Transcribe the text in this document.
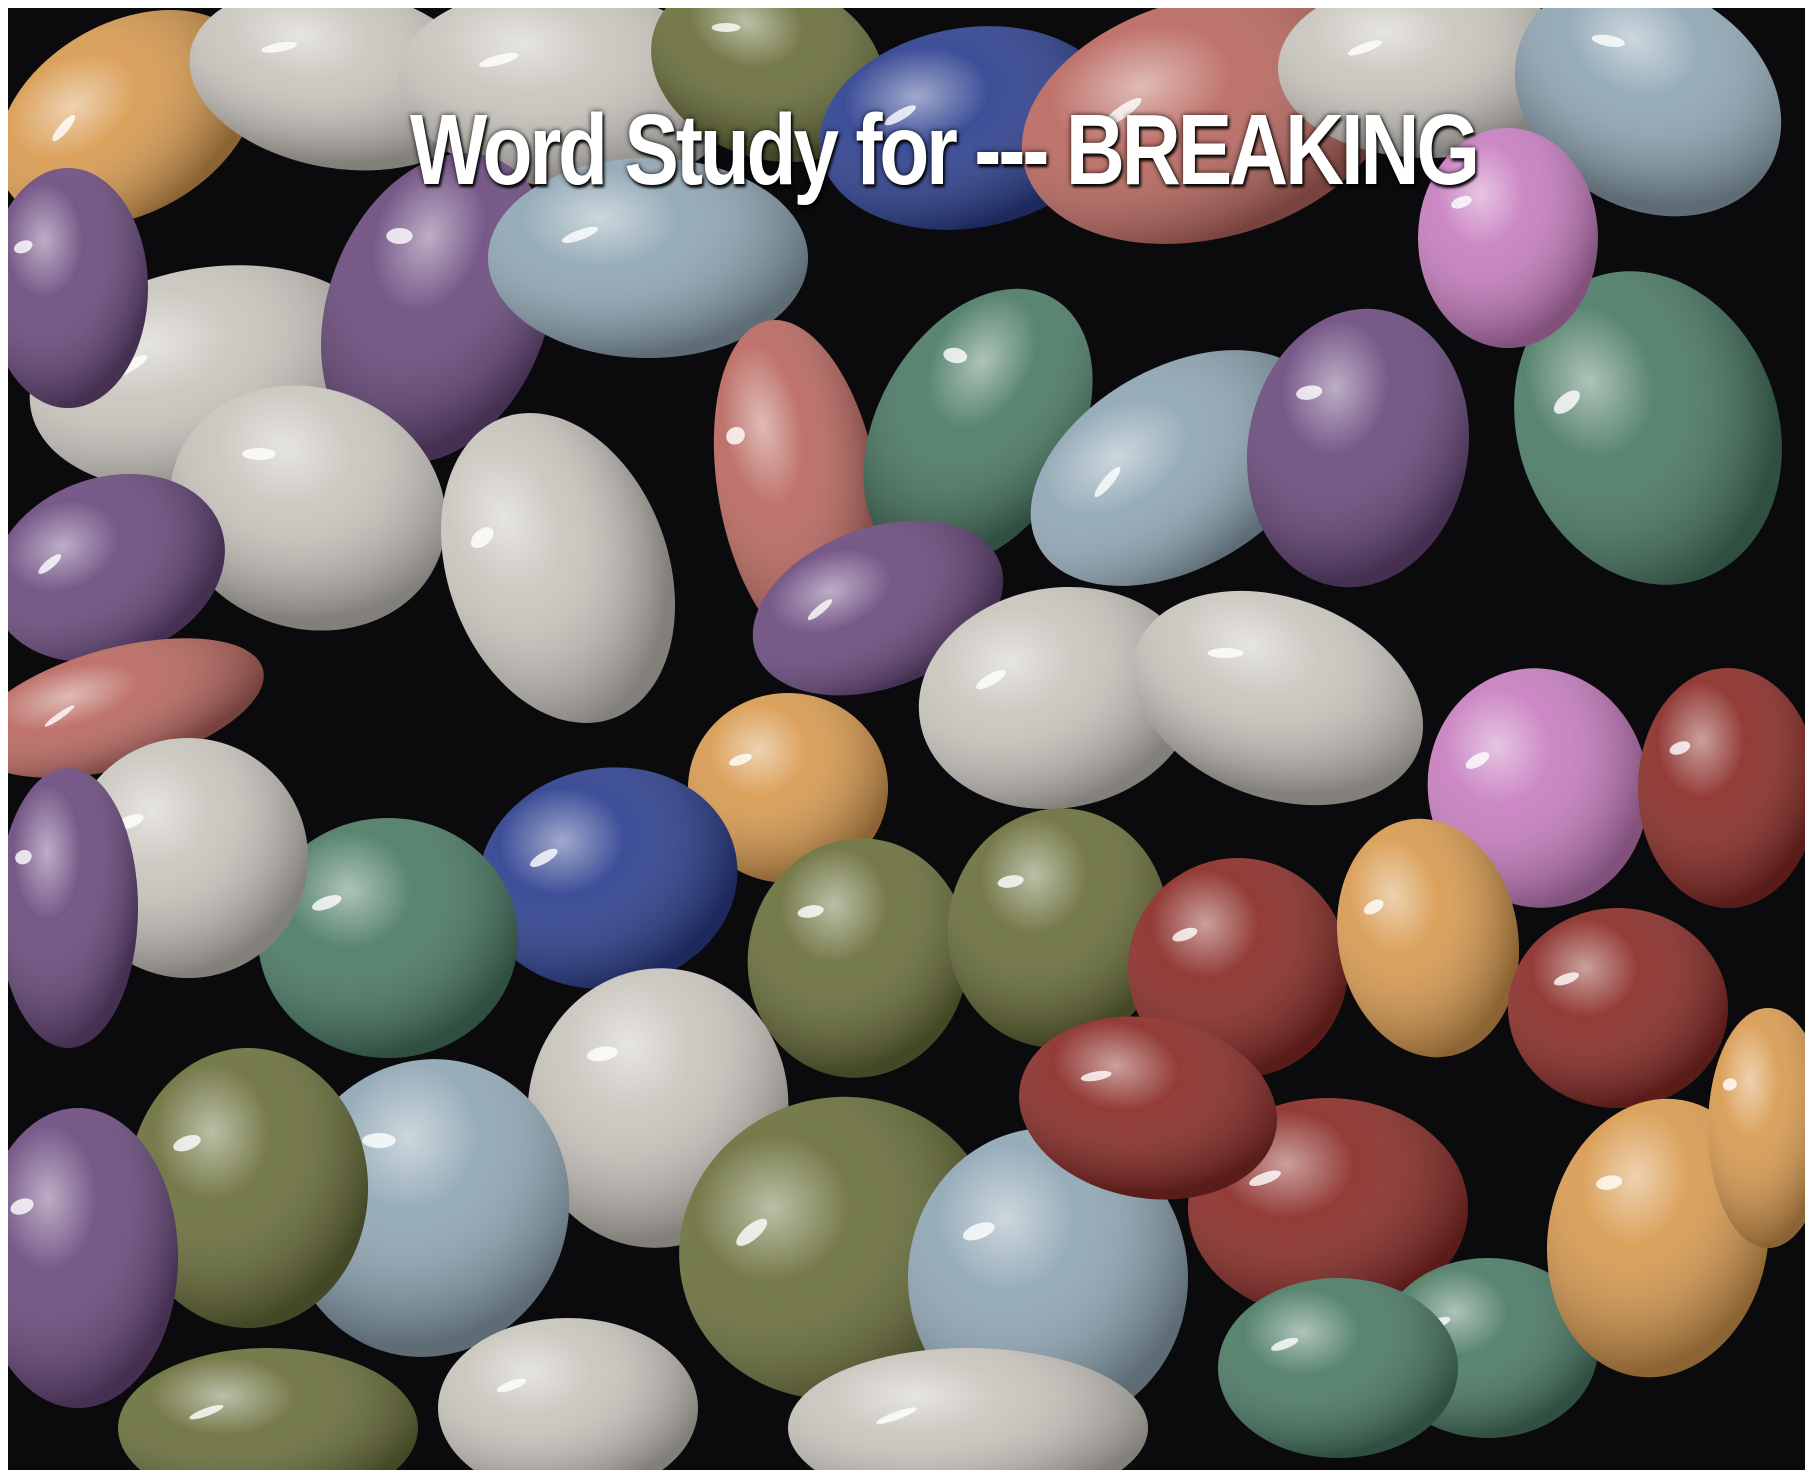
Word Study for --- BREAKING
